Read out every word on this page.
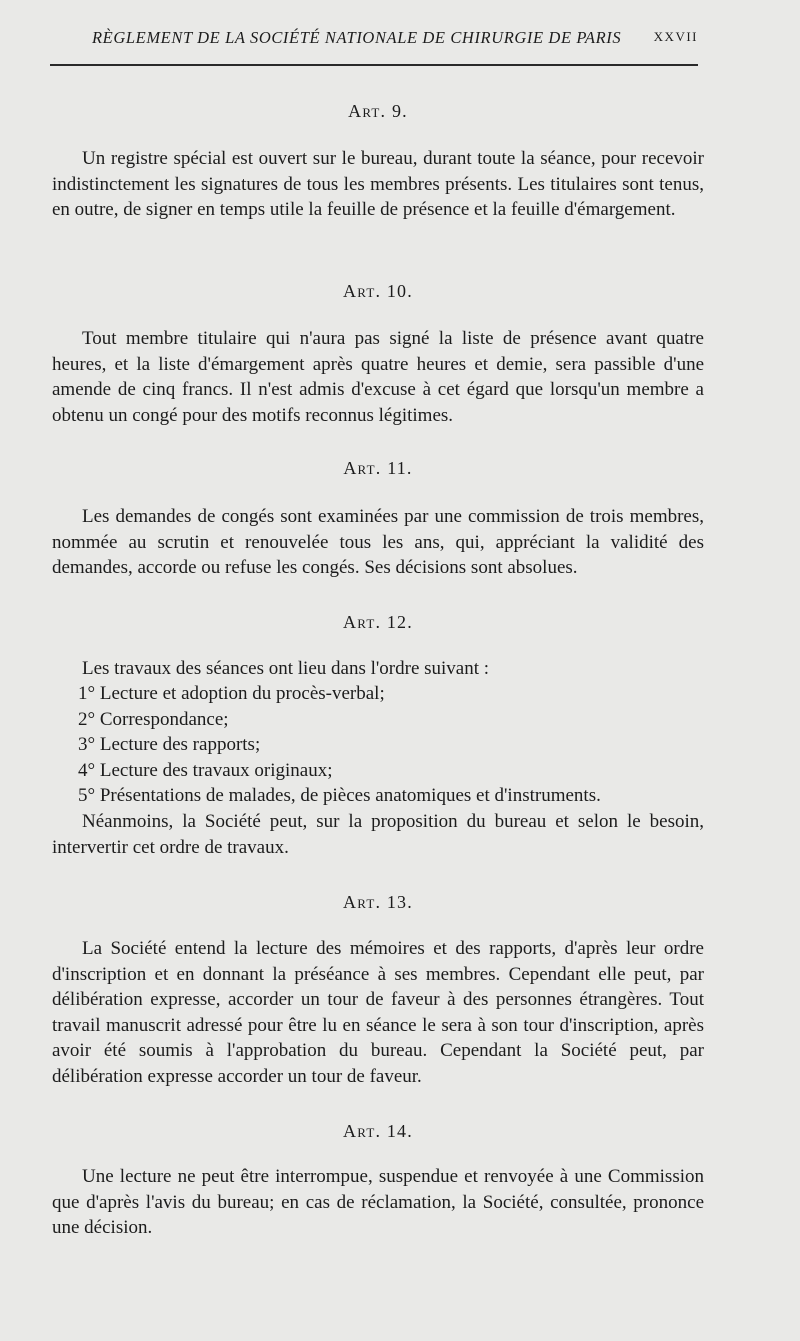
RÈGLEMENT DE LA SOCIÉTÉ NATIONALE DE CHIRURGIE DE PARIS XXVII
Art. 9.

Un registre spécial est ouvert sur le bureau, durant toute la séance, pour recevoir indistinctement les signatures de tous les membres présents. Les titulaires sont tenus, en outre, de signer en temps utile la feuille de présence et la feuille d'émargement.

Art. 10.

Tout membre titulaire qui n'aura pas signé la liste de présence avant quatre heures, et la liste d'émargement après quatre heures et demie, sera passible d'une amende de cinq francs. Il n'est admis d'excuse à cet égard que lorsqu'un membre a obtenu un congé pour des motifs reconnus légitimes.

Art. 11.

Les demandes de congés sont examinées par une commission de trois membres, nommée au scrutin et renouvelée tous les ans, qui, appréciant la validité des demandes, accorde ou refuse les congés. Ses décisions sont absolues.

Art. 12.

Les travaux des séances ont lieu dans l'ordre suivant :

1° Lecture et adoption du procès-verbal;
2° Correspondance;
3° Lecture des rapports;
4° Lecture des travaux originaux;
5° Présentations de malades, de pièces anatomiques et d'instruments.

Néanmoins, la Société peut, sur la proposition du bureau et selon le besoin, intervertir cet ordre de travaux.

Art. 13.

La Société entend la lecture des mémoires et des rapports, d'après leur ordre d'inscription et en donnant la préséance à ses membres. Cependant elle peut, par délibération expresse, accorder un tour de faveur à des personnes étrangères. Tout travail manuscrit adressé pour être lu en séance le sera à son tour d'inscription, après avoir été soumis à l'approbation du bureau. Cependant la Société peut, par délibération expresse accorder un tour de faveur.

Art. 14.

Une lecture ne peut être interrompue, suspendue et renvoyée à une Commission que d'après l'avis du bureau; en cas de réclamation, la Société, consultée, prononce une décision.
